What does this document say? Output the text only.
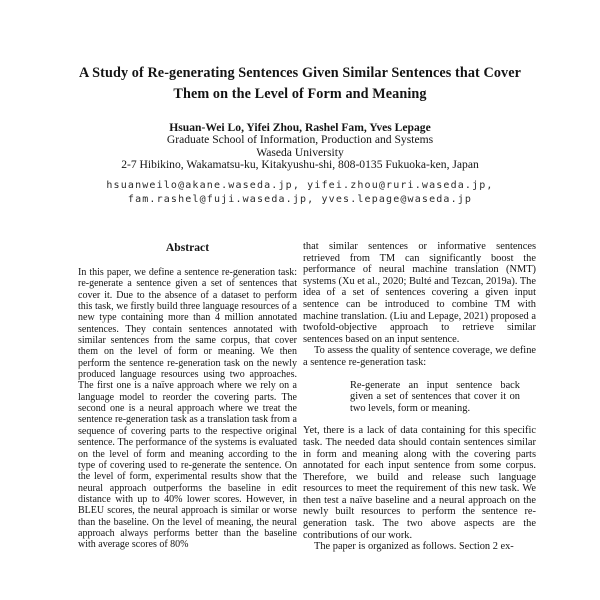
A Study of Re-generating Sentences Given Similar Sentences that Cover
Them on the Level of Form and Meaning
Hsuan-Wei Lo, Yifei Zhou, Rashel Fam, Yves Lepage
Graduate School of Information, Production and Systems
Waseda University
2-7 Hibikino, Wakamatsu-ku, Kitakyushu-shi, 808-0135 Fukuoka-ken, Japan
hsuanweilo@akane.waseda.jp, yifei.zhou@ruri.waseda.jp,
fam.rashel@fuji.waseda.jp, yves.lepage@waseda.jp
Abstract
In this paper, we define a sentence re-generation task: re-generate a sentence given a set of sentences that cover it. Due to the absence of a dataset to perform this task, we firstly build three language resources of a new type containing more than 4 million annotated sentences. They contain sentences annotated with similar sentences from the same corpus, that cover them on the level of form or meaning. We then perform the sentence re-generation task on the newly produced language resources using two approaches. The first one is a naïve approach where we rely on a language model to reorder the covering parts. The second one is a neural approach where we treat the sentence re-generation task as a translation task from a sequence of covering parts to the respective original sentence. The performance of the systems is evaluated on the level of form and meaning according to the type of covering used to re-generate the sentence. On the level of form, experimental results show that the neural approach outperforms the baseline in edit distance with up to 40% lower scores. However, in BLEU scores, the neural approach is similar or worse than the baseline. On the level of meaning, the neural approach always performs better than the baseline with average scores of 80%

that similar sentences or informative sentences retrieved from TM can significantly boost the performance of neural machine translation (NMT) systems (Xu et al., 2020; Bulté and Tezcan, 2019a). The idea of a set of sentences covering a given input sentence can be introduced to combine TM with machine translation. (Liu and Lepage, 2021) proposed a twofold-objective approach to retrieve similar sentences based on an input sentence.

To assess the quality of sentence coverage, we define a sentence re-generation task:

Re-generate an input sentence back given a set of sentences that cover it on two levels, form or meaning.

Yet, there is a lack of data containing for this specific task. The needed data should contain sentences similar in form and meaning along with the covering parts annotated for each input sentence from some corpus. Therefore, we build and release such language resources to meet the requirement of this new task. We then test a naïve baseline and a neural approach on the newly built resources to perform the sentence re-generation task. The two above aspects are the contributions of our work.

The paper is organized as follows. Section 2 ex-
